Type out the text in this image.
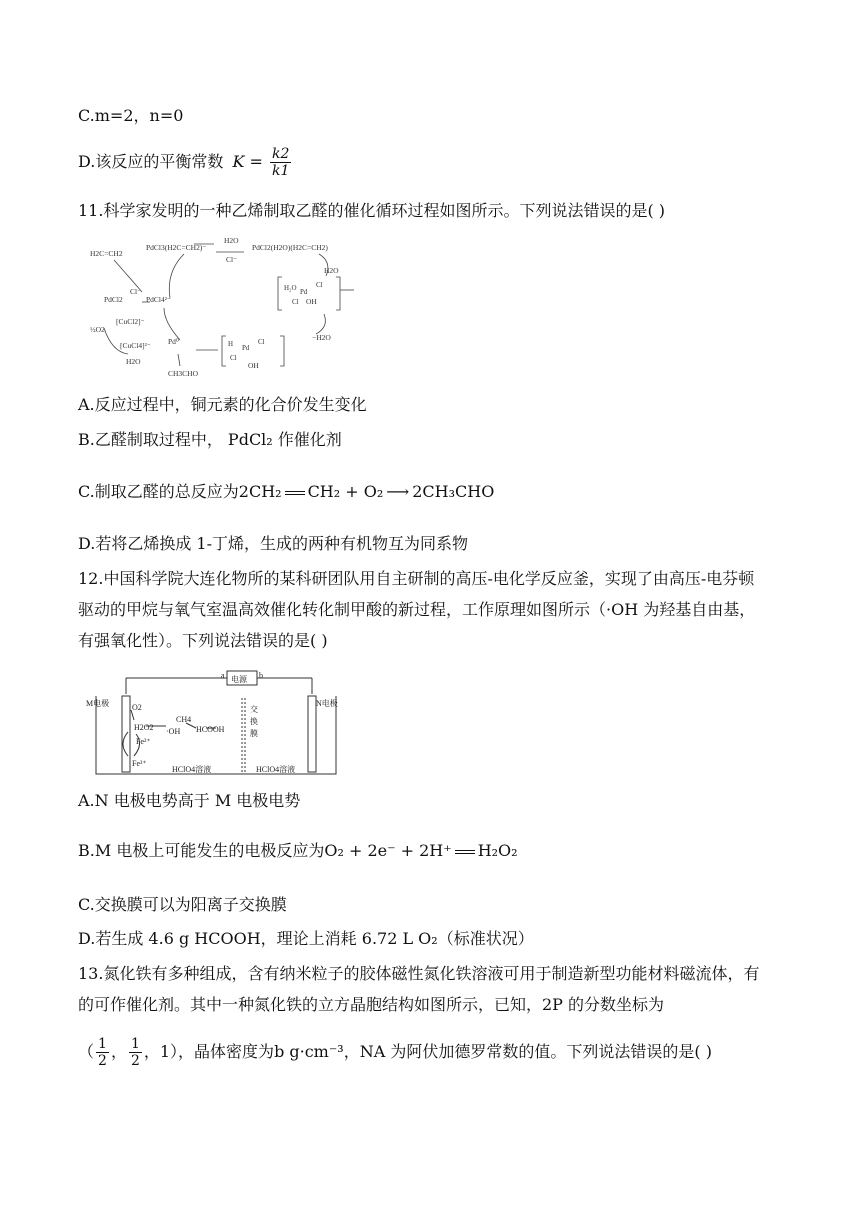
C.m=2，n=0
D.该反应的平衡常数 $K = \frac{k2}{k1}$
11.科学家发明的一种乙烯制取乙醛的催化循环过程如图所示。下列说法错误的是( )
H2C=CH2
PdCl3(H2C=CH2)⁻
H2O
Cl⁻
PdCl2(H2O)(H2C=CH2)
H2O
PdCl2	PdCl4²⁻
Cl⁻
½O2
[CuCl2]⁻
[CuCl4]²⁻ Pd⁰
H2O
CH3CHO
−H2O
OH
OH
H₂O Pd
Cl
Cl
H Pd
Cl
Cl
A.反应过程中，铜元素的化合价发生变化
B.乙醛制取过程中， PdCl₂ 作催化剂
C.制取乙醛的总反应为2CH₂ CH₂ + O₂ ⟶ 2CH₃CHO
D.若将乙烯换成 1-丁烯，生成的两种有机物互为同系物
12.中国科学院大连化物所的某科研团队用自主研制的高压-电化学反应釜，实现了由高压-电芬顿驱动的甲烷与氧气室温高效催化转化制甲酸的新过程，工作原理如图所示（·OH 为羟基自由基，有强氧化性）。下列说法错误的是( )
电源
a	b
M电极	N电极
O2
H2O2
Fe²⁺
Fe³⁺
CH4
·OH HCOOH
HClO4溶液	HClO4溶液
交
换
膜
A.N 电极电势高于 M 电极电势
B.M 电极上可能发生的电极反应为O₂ + 2e⁻ + 2H⁺ H₂O₂
C.交换膜可以为阳离子交换膜
D.若生成 4.6 g HCOOH，理论上消耗 6.72 L O₂（标准状况）
13.氮化铁有多种组成，含有纳米粒子的胶体磁性氮化铁溶液可用于制造新型功能材料磁流体，有的可作催化剂。其中一种氮化铁的立方晶胞结构如图所示，已知，2P 的分数坐标为
（ $\frac{1}{2}$ ， $\frac{1}{2}$ ，1），晶体密度为b g·cm⁻³，NA 为阿伏加德罗常数的值。下列说法错误的是( )
